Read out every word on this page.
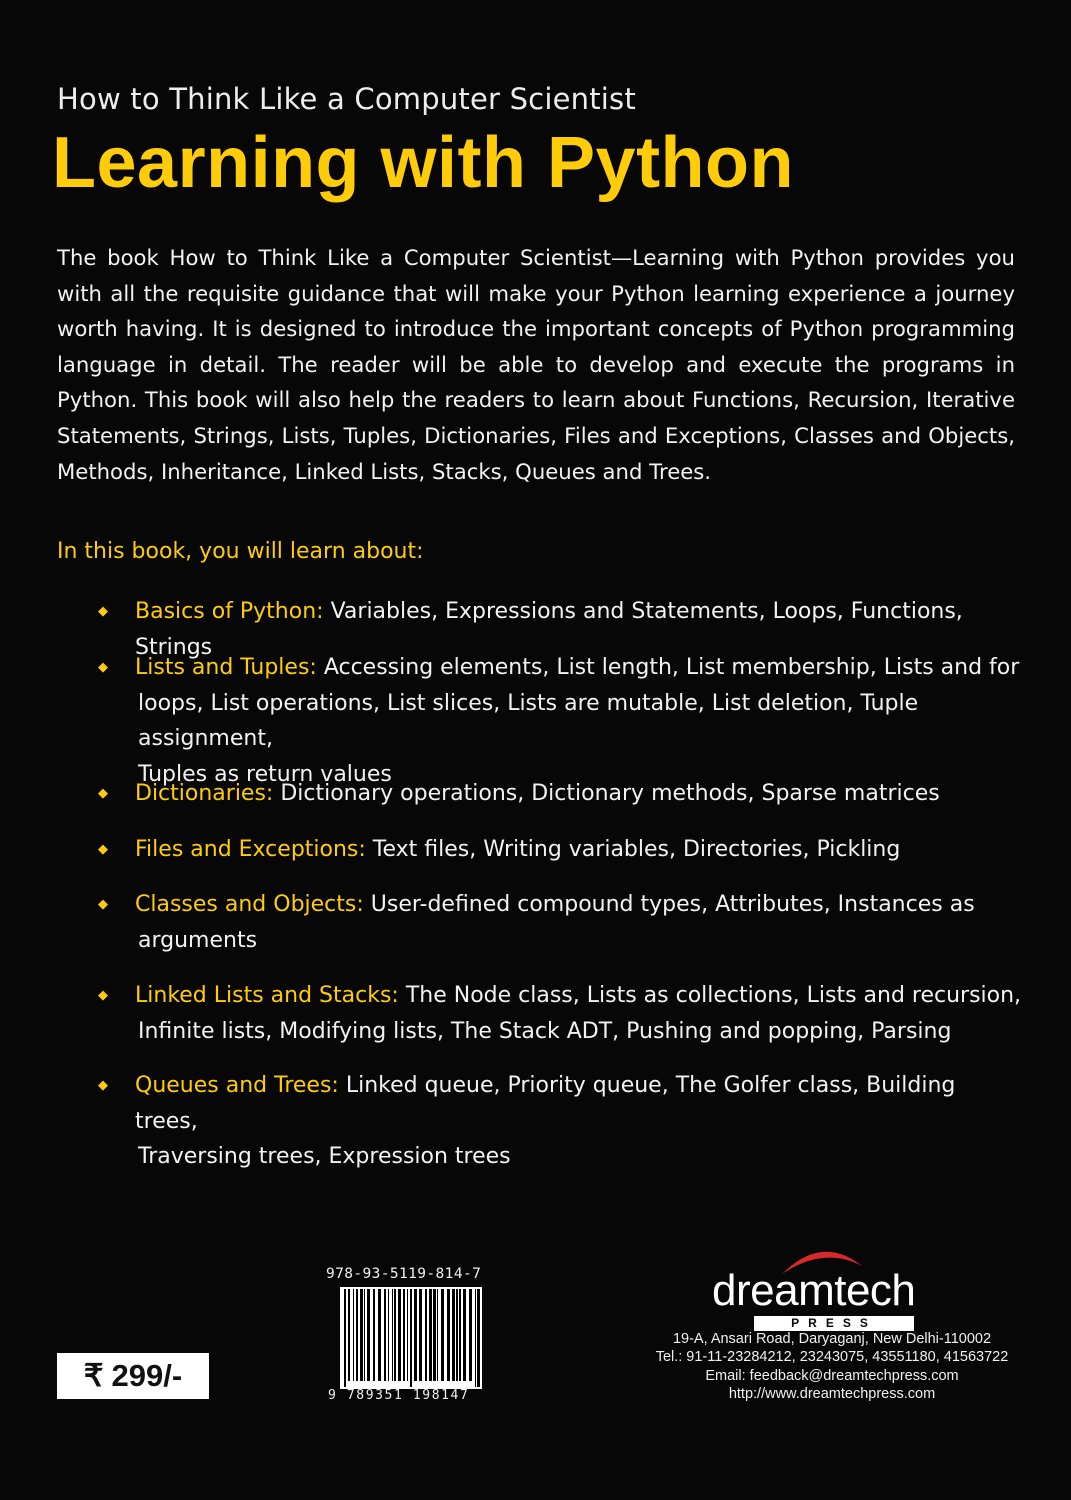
How to Think Like a Computer Scientist
Learning with Python

The book How to Think Like a Computer Scientist—Learning with Python provides you with all the requisite guidance that will make your Python learning experience a journey worth having. It is designed to introduce the important concepts of Python programming language in detail. The reader will be able to develop and execute the programs in Python. This book will also help the readers to learn about Functions, Recursion, Iterative Statements, Strings, Lists, Tuples, Dictionaries, Files and Exceptions, Classes and Objects, Methods, Inheritance, Linked Lists, Stacks, Queues and Trees.

In this book, you will learn about:

◆ Basics of Python: Variables, Expressions and Statements, Loops, Functions, Strings

◆ Lists and Tuples: Accessing elements, List length, List membership, Lists and for
loops, List operations, List slices, Lists are mutable, List deletion, Tuple assignment,
Tuples as return values

◆ Dictionaries: Dictionary operations, Dictionary methods, Sparse matrices

◆ Files and Exceptions: Text files, Writing variables, Directories, Pickling

◆ Classes and Objects: User-defined compound types, Attributes, Instances as
arguments

◆ Linked Lists and Stacks: The Node class, Lists as collections, Lists and recursion,
Infinite lists, Modifying lists, The Stack ADT, Pushing and popping, Parsing

◆ Queues and Trees: Linked queue, Priority queue, The Golfer class, Building trees,
Traversing trees, Expression trees

₹ 299/-
978-93-5119-814-7
9 789351 198147
dreamtech
PRESS
19-A, Ansari Road, Daryaganj, New Delhi-110002
Tel.: 91-11-23284212, 23243075, 43551180, 41563722
Email: feedback@dreamtechpress.com
http://www.dreamtechpress.com
